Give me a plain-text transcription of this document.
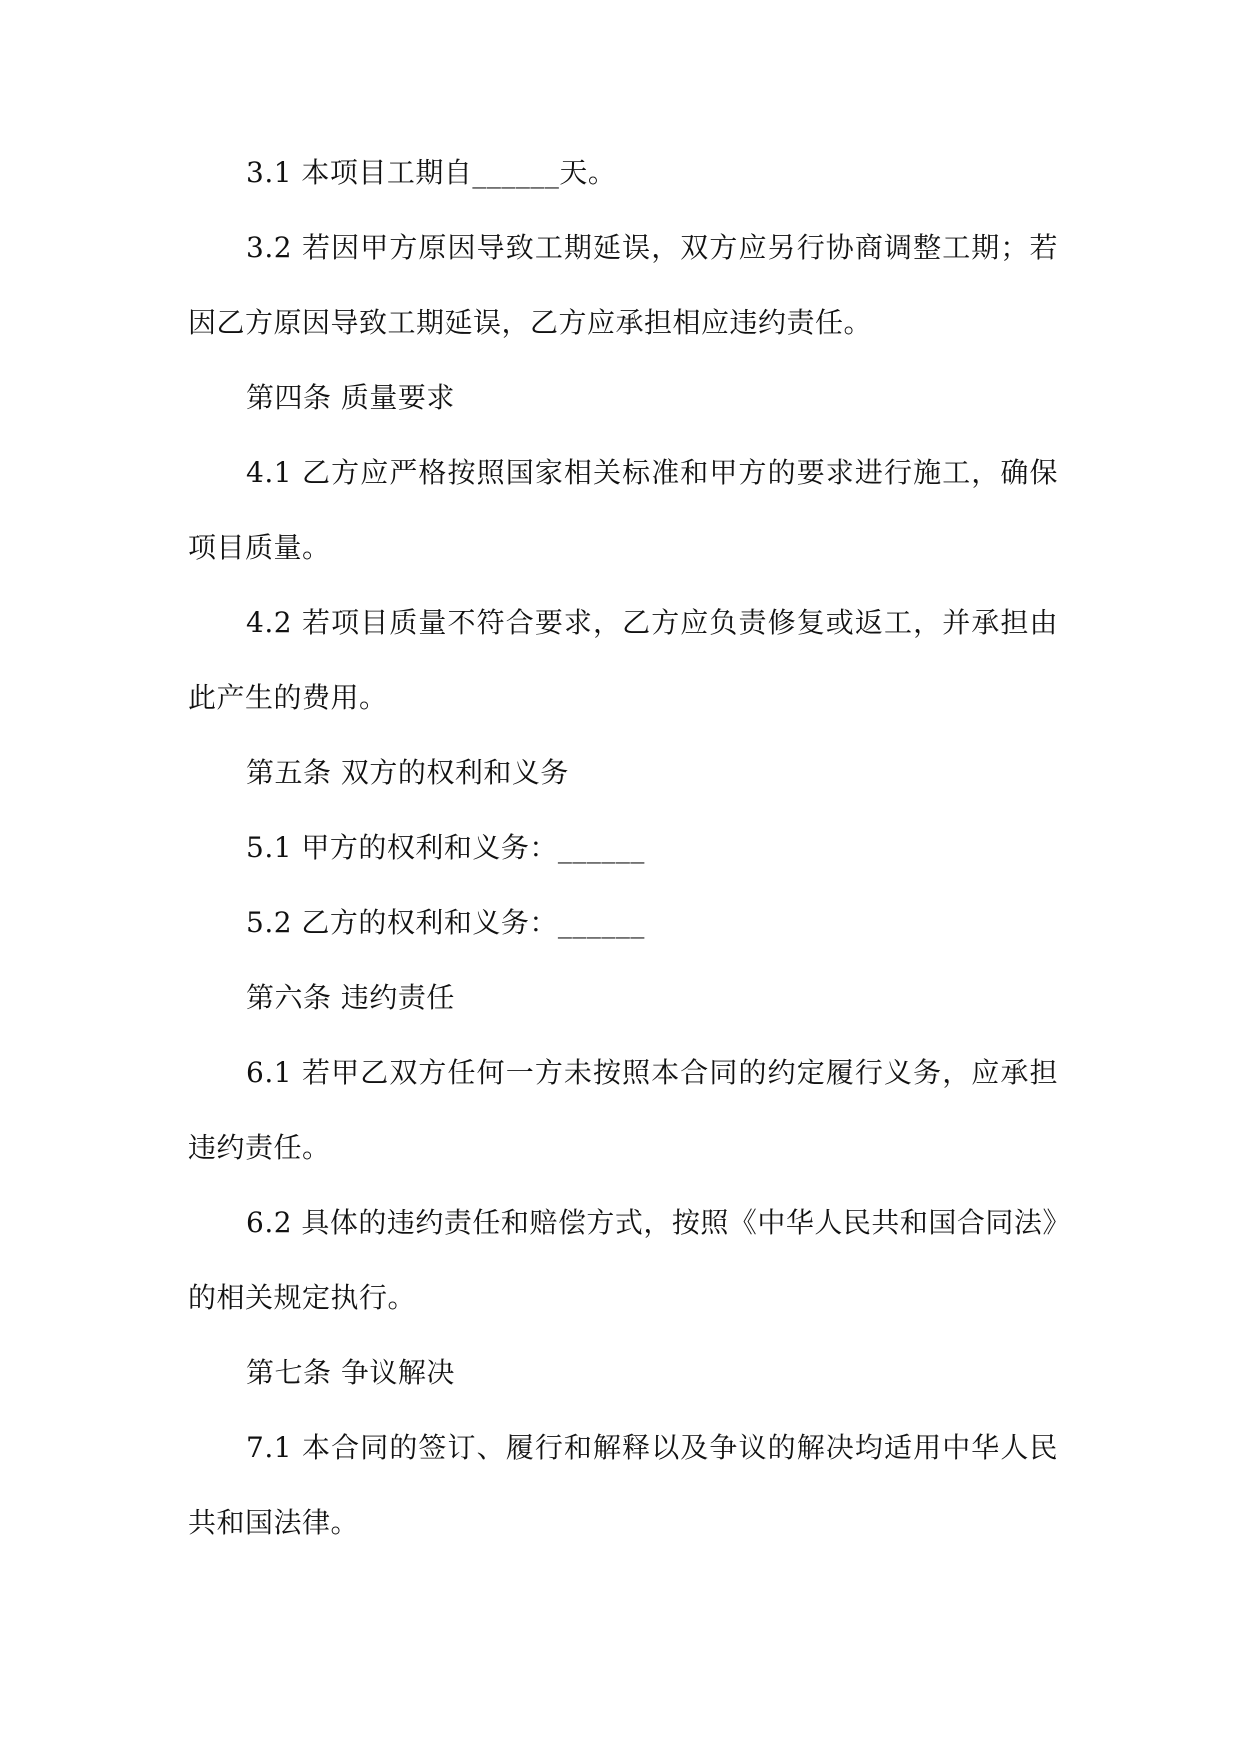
3.1 本项目工期自______天。
3.2 若因甲方原因导致工期延误，双方应另行协商调整工期；若
因乙方原因导致工期延误，乙方应承担相应违约责任。
第四条 质量要求
4.1 乙方应严格按照国家相关标准和甲方的要求进行施工，确保
项目质量。
4.2 若项目质量不符合要求，乙方应负责修复或返工，并承担由
此产生的费用。
第五条 双方的权利和义务
5.1 甲方的权利和义务：______
5.2 乙方的权利和义务：______
第六条 违约责任
6.1 若甲乙双方任何一方未按照本合同的约定履行义务，应承担
违约责任。
6.2 具体的违约责任和赔偿方式，按照《中华人民共和国合同法》
的相关规定执行。
第七条 争议解决
7.1 本合同的签订、履行和解释以及争议的解决均适用中华人民
共和国法律。
